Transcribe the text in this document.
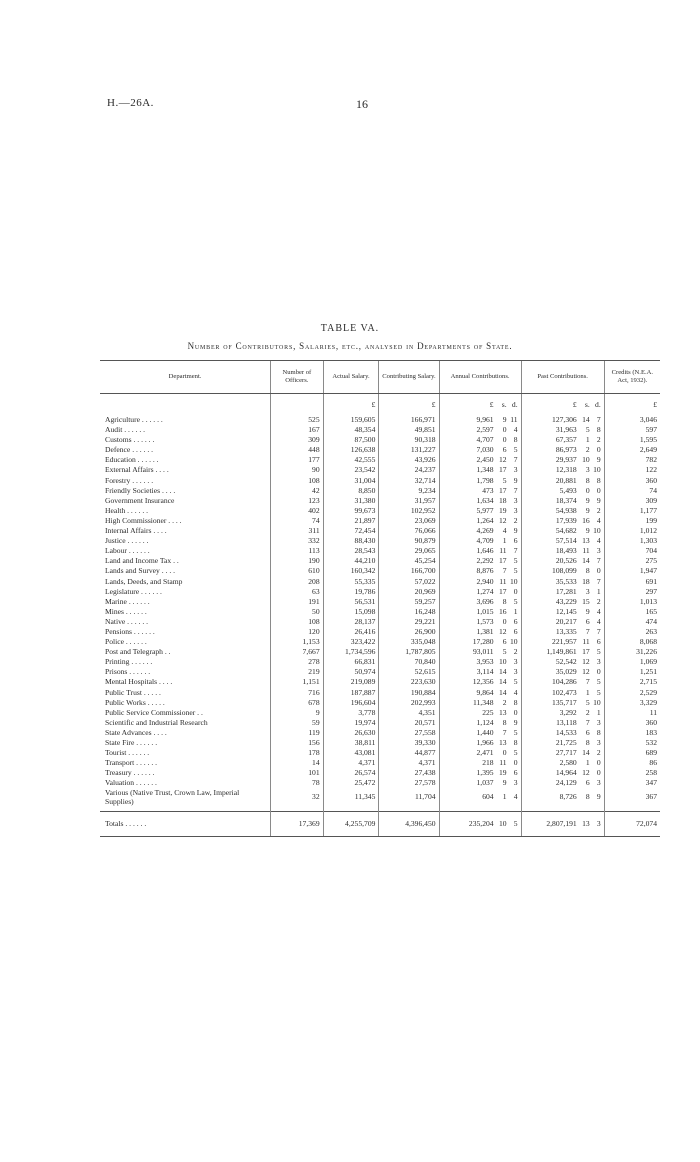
H.—26A.	16
TABLE VA.
Number of Contributors, Salaries, etc., analysed in Departments of State.
Department.	Number of Officers.	Actual Salary.	Contributing Salary.	Annual Contributions.	Past Contributions.	Credits (N.E.A. Act, 1932).
		£	£	£ s. d.	£ s. d.	£

Agriculture . . . . . .	525	159,605	166,971	9,961 9 11	127,306 14 7	3,046
Audit . . . . . .	167	48,354	49,851	2,597 0 4	31,963 5 8	597
Customs . . . . . .	309	87,500	90,318	4,707 0 8	67,357 1 2	1,595
Defence . . . . . .	448	126,638	131,227	7,030 6 5	86,973 2 0	2,649
Education . . . . . .	177	42,555	43,926	2,450 12 7	29,937 10 9	782
External Affairs . . . .	90	23,542	24,237	1,348 17 3	12,318 3 10	122
Forestry . . . . . .	108	31,004	32,714	1,798 5 9	20,881 8 8	360
Friendly Societies . . . .	42	8,850	9,234	473 17 7	5,493 0 0	74
Government Insurance	123	31,380	31,957	1,634 18 3	18,374 9 9	309
Health . . . . . .	402	99,673	102,952	5,977 19 3	54,938 9 2	1,177
High Commissioner . . . .	74	21,897	23,069	1,264 12 2	17,939 16 4	199
Internal Affairs . . . .	311	72,454	76,066	4,269 4 9	54,682 9 10	1,012
Justice . . . . . .	332	88,430	90,879	4,709 1 6	57,514 13 4	1,303
Labour . . . . . .	113	28,543	29,065	1,646 11 7	18,493 11 3	704
Land and Income Tax . .	190	44,210	45,254	2,292 17 5	20,526 14 7	275
Lands and Survey . . . .	610	160,342	166,700	8,876 7 5	108,099 8 0	1,947
Lands, Deeds, and Stamp	208	55,335	57,022	2,940 11 10	35,533 18 7	691
Legislature . . . . . .	63	19,786	20,969	1,274 17 0	17,281 3 1	297
Marine . . . . . .	191	56,531	59,257	3,696 8 5	43,229 15 2	1,013
Mines . . . . . .	50	15,098	16,248	1,015 16 1	12,145 9 4	165
Native . . . . . .	108	28,137	29,221	1,573 0 6	20,217 6 4	474
Pensions . . . . . .	120	26,416	26,900	1,381 12 6	13,335 7 7	263
Police . . . . . .	1,153	323,422	335,048	17,280 6 10	221,957 11 6	8,068
Post and Telegraph . .	7,667	1,734,596	1,787,805	93,011 5 2	1,149,861 17 5	31,226
Printing . . . . . .	278	66,831	70,840	3,953 10 3	52,542 12 3	1,069
Prisons . . . . . .	219	50,974	52,615	3,114 14 3	35,029 12 0	1,251
Mental Hospitals . . . .	1,151	219,089	223,630	12,356 14 5	104,286 7 5	2,715
Public Trust . . . . .	716	187,887	190,884	9,864 14 4	102,473 1 5	2,529
Public Works . . . . .	678	196,604	202,993	11,348 2 8	135,717 5 10	3,329
Public Service Commissioner . .	9	3,778	4,351	225 13 0	3,292 2 1	11
Scientific and Industrial Research	59	19,974	20,571	1,124 8 9	13,118 7 3	360
State Advances . . . .	119	26,630	27,558	1,440 7 5	14,533 6 8	183
State Fire . . . . . .	156	38,811	39,330	1,966 13 8	21,725 8 3	532
Tourist . . . . . .	178	43,081	44,877	2,471 0 5	27,717 14 2	689
Transport . . . . . .	14	4,371	4,371	218 11 0	2,580 1 0	86
Treasury . . . . . .	101	26,574	27,438	1,395 19 6	14,964 12 0	258
Valuation . . . . . .	78	25,472	27,578	1,037 9 3	24,129 6 3	347
Various (Native Trust, Crown Law, Imperial Supplies)	32	11,345	11,704	604 1 4	8,726 8 9	367

Totals . . . . . .	17,369	4,255,709	4,396,450	235,204 10 5	2,807,191 13 3	72,074
